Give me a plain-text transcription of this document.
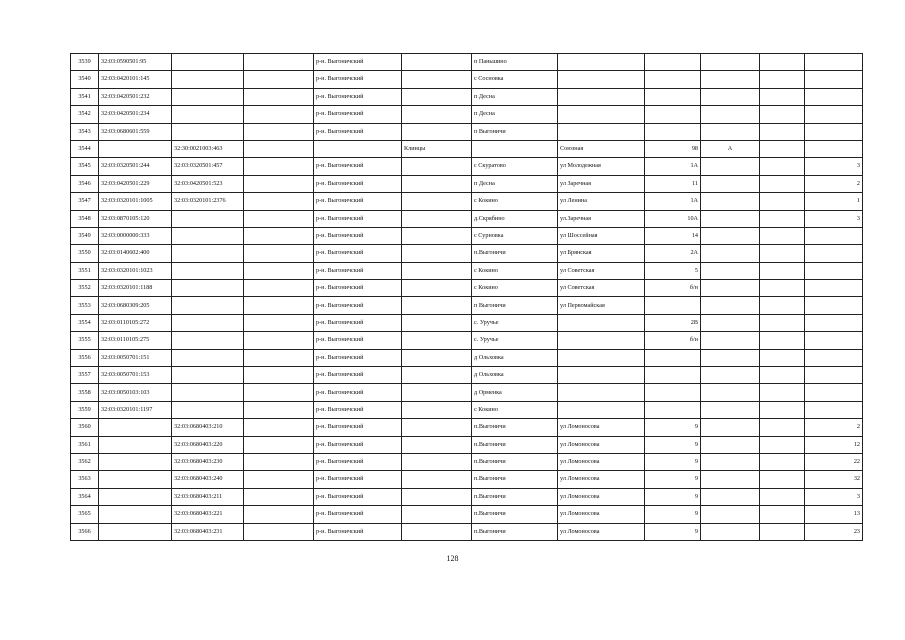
3539	32:03:0590501:95			р-н. Выгоничский		п Паньшино					
3540	32:03:0420101:145			р-н. Выгоничский		с Сосновка					
3541	32:03:0420501:232			р-н. Выгоничский		п Десна					
3542	32:03:0420501:234			р-н. Выгоничский		п Десна					
3543	32:03:0680601:559			р-н. Выгоничский		п Выгоничи					
3544		32:30:0021003:463			Клинцы		Союзная	98	А		
3545	32:03:0320501:244	32:03:0320501:457		р-н. Выгоничский		с Скуратово	ул Молодежная	1А			3
3546	32:03:0420501:229	32:03:0420501:523		р-н. Выгоничский		п Десна	ул Заречная	11			2
3547	32:03:0320101:1005	32:03:0320101:2376		р-н. Выгоничский		с Кокино	ул Ленина	1А			1
3548	32:03:0870105:120			р-н. Выгоничский		д.Скрябино	ул.Заречная	10А			3
3549	32:03:0000000:333			р-н. Выгоничский		с Сурновка	ул Шоссейная	14			
3550	32:03:0140602:400			р-н. Выгоничский		п.Выгоничи	ул Брянская	2А			
3551	32:03:0320101:1023			р-н. Выгоничский		с Кокино	ул Советская	5			
3552	32:03:0320101:1188			р-н. Выгоничский		с Кокино	ул Советская	б/н			
3553	32:03:0680309:205			р-н. Выгоничский		п Выгоничи	ул Первомайская				
3554	32:03:0110105:272			р-н. Выгоничский		с. Уручье		2В			
3555	32:03:0110105:275			р-н. Выгоничский		с. Уручье		б/н			
3556	32:03:0050701:151			р-н. Выгоничский		д Ольховка					
3557	32:03:0050701:153			р-н. Выгоничский		д Ольховка					
3558	32:03:0050103:103			р-н. Выгоничский		д Орменка					
3559	32:03:0320101:1197			р-н. Выгоничский		с Кокино					
3560		32:03:0680403:210		р-н. Выгоничский		п.Выгоничи	ул Ломоносова	9			2
3561		32:03:0680403:220		р-н. Выгоничский		п.Выгоничи	ул Ломоносова	9			12
3562		32:03:0680403:230		р-н. Выгоничский		п.Выгоничи	ул Ломоносова	9			22
3563		32:03:0680403:240		р-н. Выгоничский		п.Выгоничи	ул Ломоносова	9			32
3564		32:03:0680403:211		р-н. Выгоничский		п.Выгоничи	ул Ломоносова	9			3
3565		32:03:0680403:221		р-н. Выгоничский		п.Выгоничи	ул Ломоносова	9			13
3566		32:03:0680403:231		р-н. Выгоничский		п.Выгоничи	ул Ломоносова	9			23
128
